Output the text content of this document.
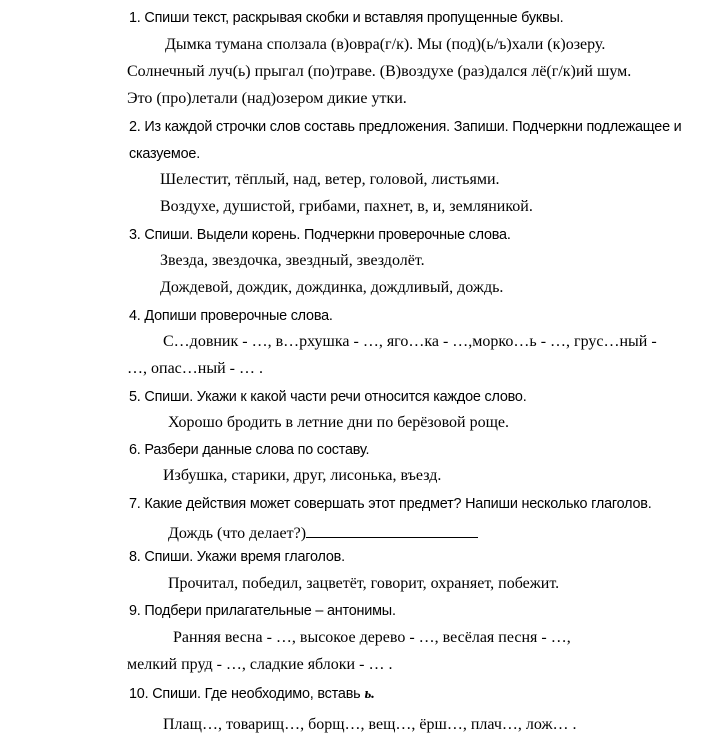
1. Спиши текст, раскрывая скобки и вставляя пропущенные буквы.
Дымка тумана сползала (в)овра(г/к). Мы (под)(ь/ъ)хали (к)озеру.
Солнечный луч(ь) прыгал (по)траве. (В)воздухе (раз)дался лё(г/к)ий шум.
Это (про)летали (над)озером дикие утки.
2. Из каждой строчки слов составь предложения. Запиши. Подчеркни подлежащее и
сказуемое.
Шелестит, тёплый, над, ветер, головой, листьями.
Воздухе, душистой, грибами, пахнет, в, и, земляникой.
3. Спиши. Выдели корень. Подчеркни проверочные слова.
Звезда, звездочка, звездный, звездолёт.
Дождевой, дождик, дождинка, дождливый, дождь.
4. Допиши проверочные слова.
С…довник - …, в…рхушка - …, яго…ка - …,морко…ь - …, грус…ный -
…, опас…ный - … .
5. Спиши. Укажи к какой части речи относится каждое слово.
Хорошо бродить в летние дни по берёзовой роще.
6. Разбери данные слова по составу.
Избушка, старики, друг, лисонька, въезд.
7. Какие действия может совершать этот предмет? Напиши несколько глаголов.
Дождь (что делает?)
8. Спиши. Укажи время глаголов.
Прочитал, победил, зацветёт, говорит, охраняет, побежит.
9. Подбери прилагательные – антонимы.
Ранняя весна - …, высокое дерево - …, весёлая песня - …,
мелкий пруд - …, сладкие яблоки - … .
10. Спиши. Где необходимо, вставь ь.
Плащ…, товарищ…, борщ…, вещ…, ёрш…, плач…, лож… .
